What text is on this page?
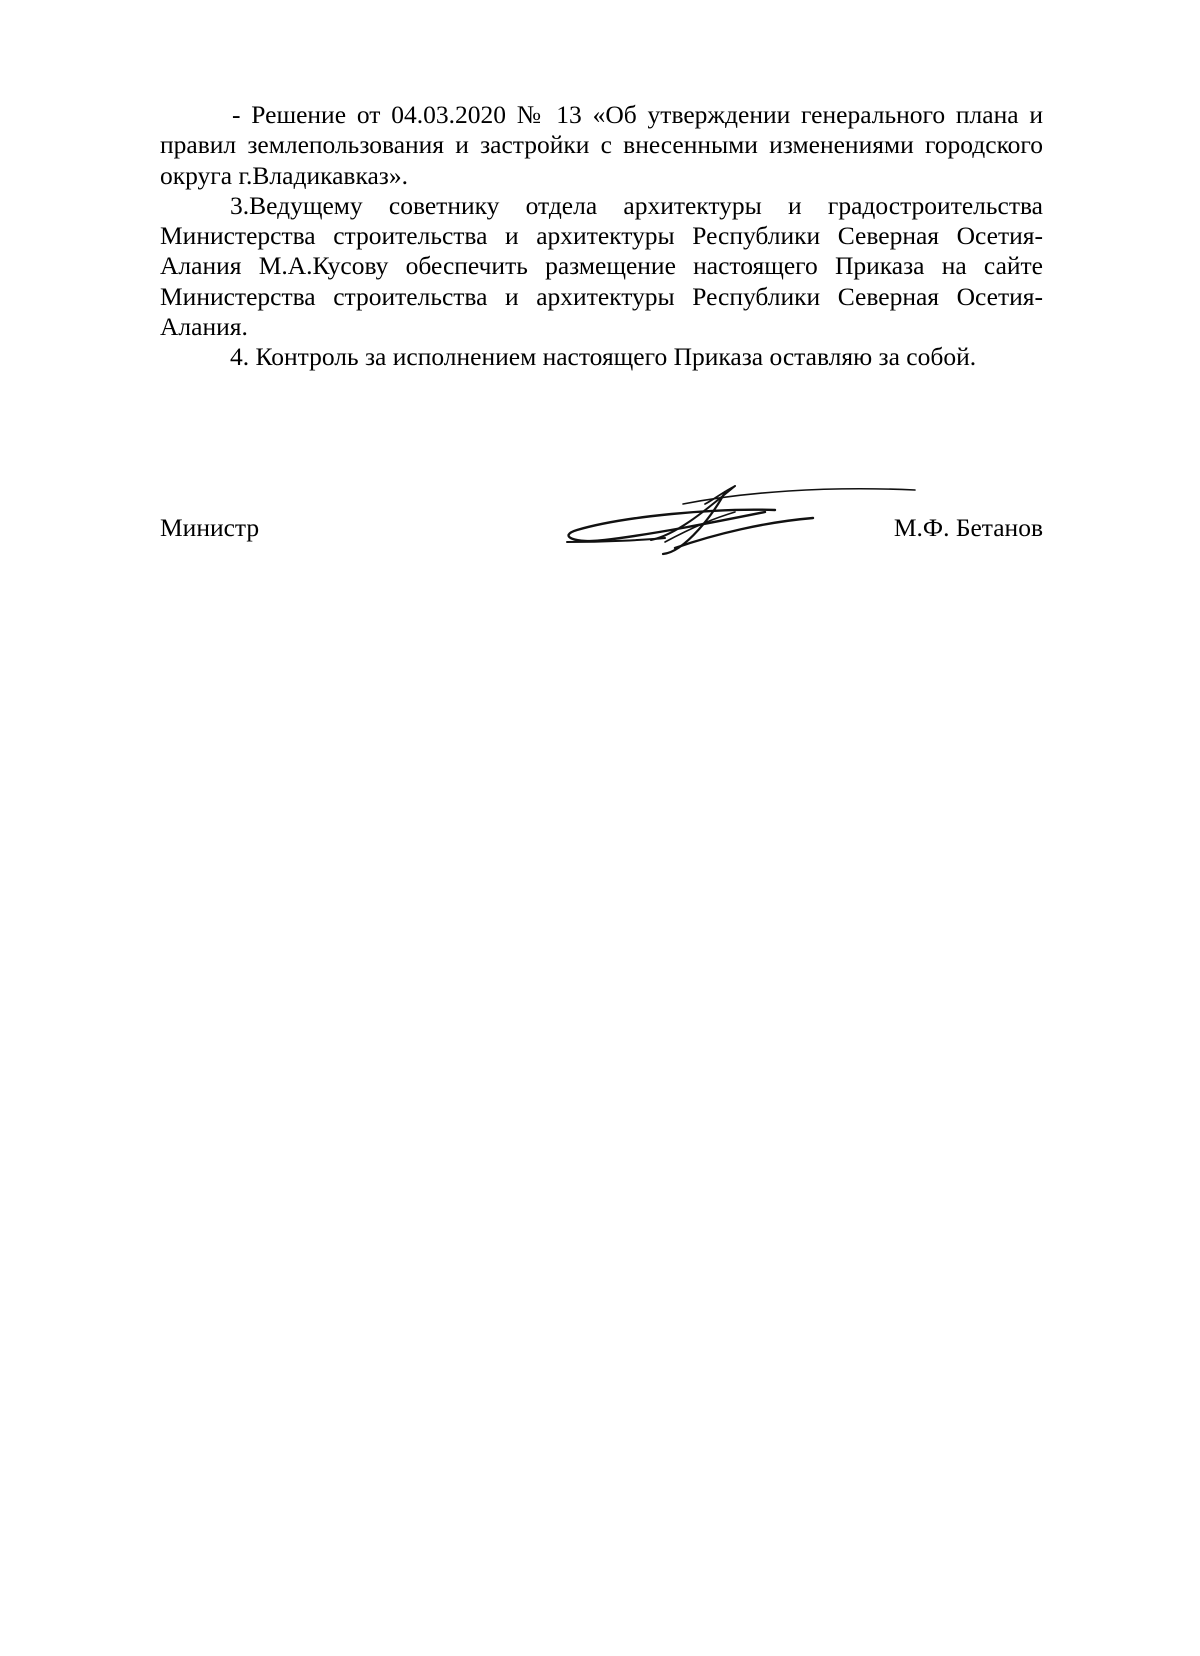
- Решение от 04.03.2020 № 13 «Об утверждении генерального плана и правил землепользования и застройки с внесенными изменениями городского округа г.Владикавказ».

3.Ведущему советнику отдела архитектуры и градостроительства Министерства строительства и архитектуры Республики Северная Осетия-Алания М.А.Кусову обеспечить размещение настоящего Приказа на сайте Министерства строительства и архитектуры Республики Северная Осетия-Алания.

4. Контроль за исполнением настоящего Приказа оставляю за собой.

Министр	М.Ф. Бетанов
